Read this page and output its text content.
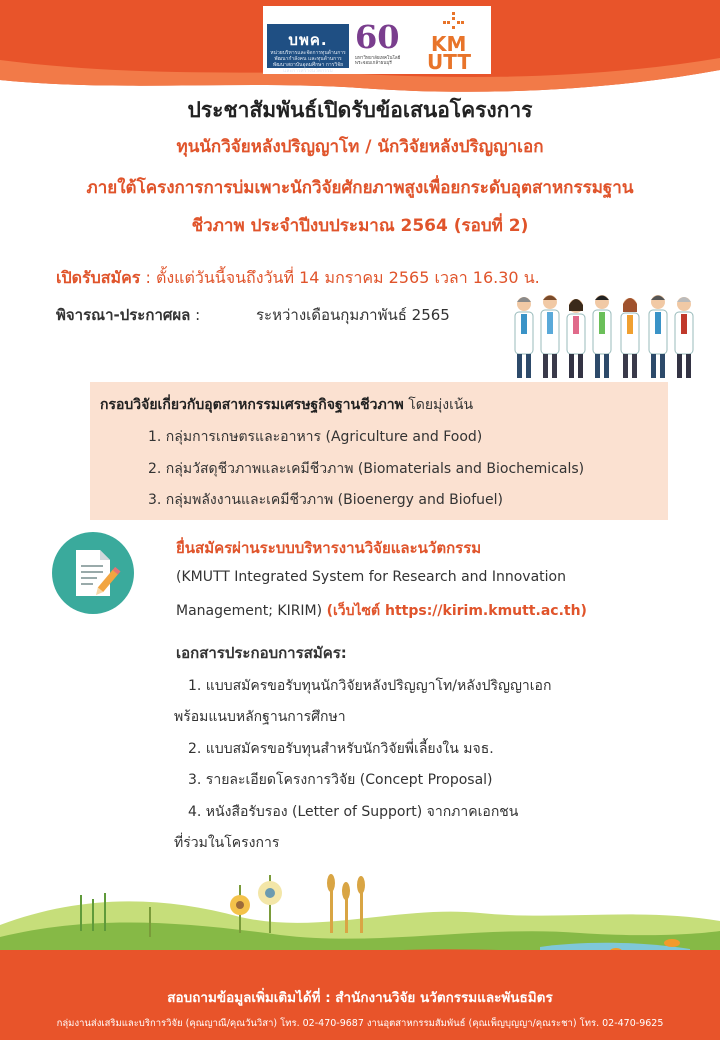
บพค.
หน่วยบริหารและจัดการทุนด้านการพัฒนากำลังคน และทุนด้านการพัฒนาสถาบันอุดมศึกษา การวิจัยและการสร้างนวัตกรรม
60
มหาวิทยาลัยเทคโนโลยีพระจอมเกล้าธนบุรี
KM
UTT
ประชาสัมพันธ์เปิดรับข้อเสนอโครงการ
ทุนนักวิจัยหลังปริญญาโท / นักวิจัยหลังปริญญาเอก
ภายใต้โครงการการบ่มเพาะนักวิจัยศักยภาพสูงเพื่อยกระดับอุตสาหกรรมฐาน
ชีวภาพ ประจำปีงบประมาณ 2564 (รอบที่ 2)
เปิดรับสมัคร : ตั้งแต่วันนี้จนถึงวันที่ 14 มกราคม 2565 เวลา 16.30 น.
พิจารณา-ประกาศผล :	ระหว่างเดือนกุมภาพันธ์ 2565
กรอบวิจัยเกี่ยวกับอุตสาหกรรมเศรษฐกิจฐานชีวภาพ โดยมุ่งเน้น
1. กลุ่มการเกษตรและอาหาร (Agriculture and Food)
2. กลุ่มวัสดุชีวภาพและเคมีชีวภาพ (Biomaterials and Biochemicals)
3. กลุ่มพลังงานและเคมีชีวภาพ (Bioenergy and Biofuel)
ยื่นสมัครผ่านระบบบริหารงานวิจัยและนวัตกรรม
(KMUTT Integrated System for Research and Innovation
Management; KIRIM) (เว็บไซต์ https://kirim.kmutt.ac.th)
เอกสารประกอบการสมัคร:
1. แบบสมัครขอรับทุนนักวิจัยหลังปริญญาโท/หลังปริญญาเอก
พร้อมแนบหลักฐานการศึกษา
2. แบบสมัครขอรับทุนสำหรับนักวิจัยพี่เลี้ยงใน มจธ.
3. รายละเอียดโครงการวิจัย (Concept Proposal)
4. หนังสือรับรอง (Letter of Support) จากภาคเอกชน
ที่ร่วมในโครงการ
สอบถามข้อมูลเพิ่มเติมได้ที่ : สำนักงานวิจัย นวัตกรรมและพันธมิตร
กลุ่มงานส่งเสริมและบริการวิจัย (คุณญาณี/คุณวันวิสา) โทร. 02-470-9687 งานอุตสาหกรรมสัมพันธ์ (คุณเพ็ญบุญญา/คุณระชา) โทร. 02-470-9625
